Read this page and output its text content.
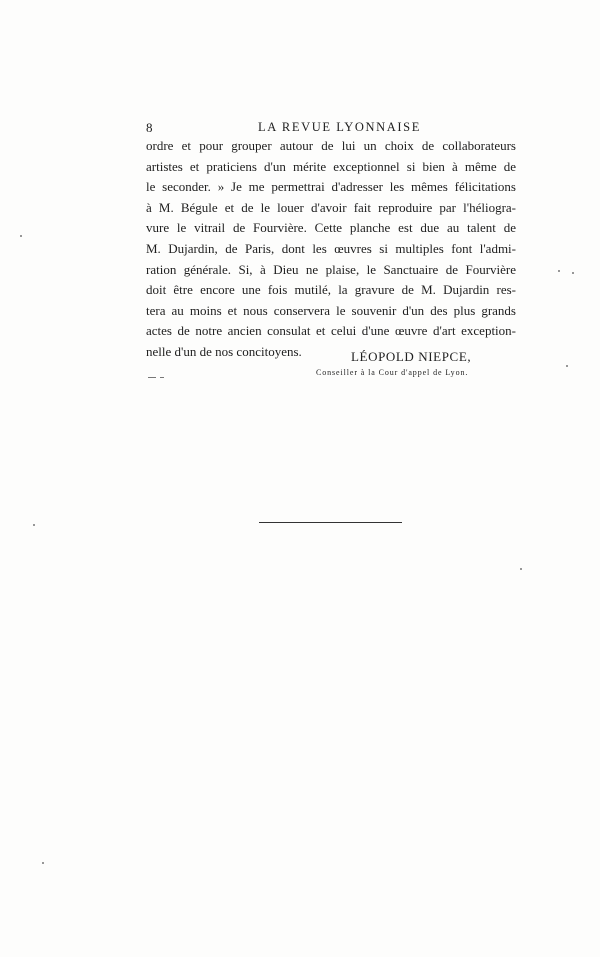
8	LA REVUE LYONNAISE
ordre et pour grouper autour de lui un choix de collaborateurs
artistes et praticiens d'un mérite exceptionnel si bien à même de
le seconder. » Je me permettrai d'adresser les mêmes félicitations
à M. Bégule et de le louer d'avoir fait reproduire par l'héliogra-
vure le vitrail de Fourvière. Cette planche est due au talent de
M. Dujardin, de Paris, dont les œuvres si multiples font l'admi-
ration générale. Si, à Dieu ne plaise, le Sanctuaire de Fourvière
doit être encore une fois mutilé, la gravure de M. Dujardin res-
tera au moins et nous conservera le souvenir d'un des plus grands
actes de notre ancien consulat et celui d'une œuvre d'art exception-
nelle d'un de nos concitoyens.	LÉOPOLD NIEPCE,
Conseiller à la Cour d'appel de Lyon.
